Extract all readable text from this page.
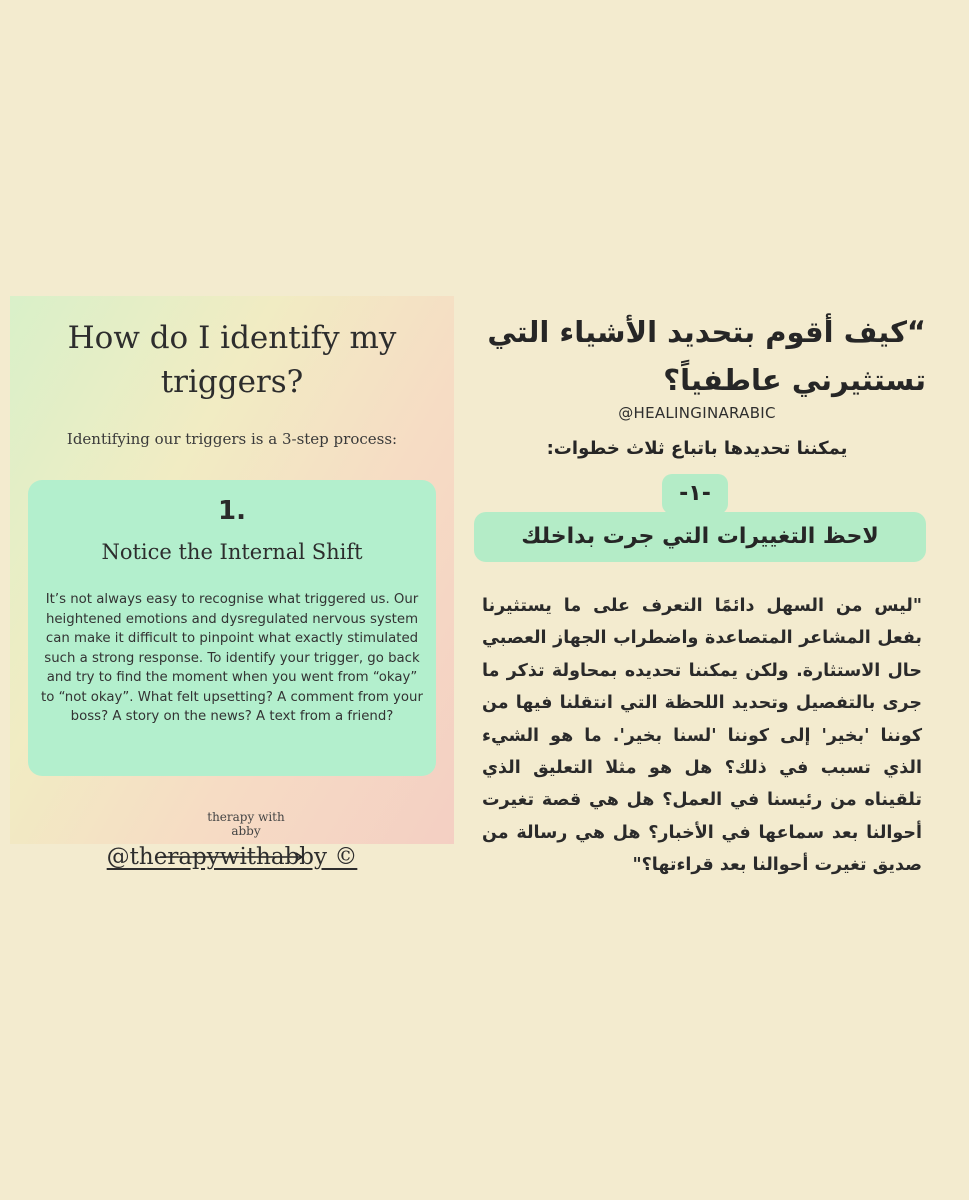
How do I identify my triggers?
Identifying our triggers is a 3-step process:
1.
Notice the Internal Shift
It’s not always easy to recognise what triggered us. Our heightened emotions and dysregulated nervous system can make it difficult to pinpoint what exactly stimulated such a strong response. To identify your trigger, go back and try to find the moment when you went from “okay” to “not okay”. What felt upsetting? A comment from your boss? A story on the news? A text from a friend?
therapy with abby
@therapywithabby ©
“كيف أقوم بتحديد الأشياء التي تستثيرني عاطفياً؟
@HEALINGINARABIC
يمكننا تحديدها باتباع ثلاث خطوات:
-١-
لاحظ التغييرات التي جرت بداخلك
"ليس من السهل دائمًا التعرف على ما يستثيرنا بفعل المشاعر المتصاعدة واضطراب الجهاز العصبي حال الاستثارة. ولكن يمكننا تحديده بمحاولة تذكر ما جرى بالتفصيل وتحديد اللحظة التي انتقلنا فيها من كوننا 'بخير' إلى كوننا 'لسنا بخير'. ما هو الشيء الذي تسبب في ذلك؟ هل هو مثلا التعليق الذي تلقيناه من رئيسنا في العمل؟ هل هي قصة تغيرت أحوالنا بعد سماعها في الأخبار؟ هل هي رسالة من صديق تغيرت أحوالنا بعد قراءتها؟"
